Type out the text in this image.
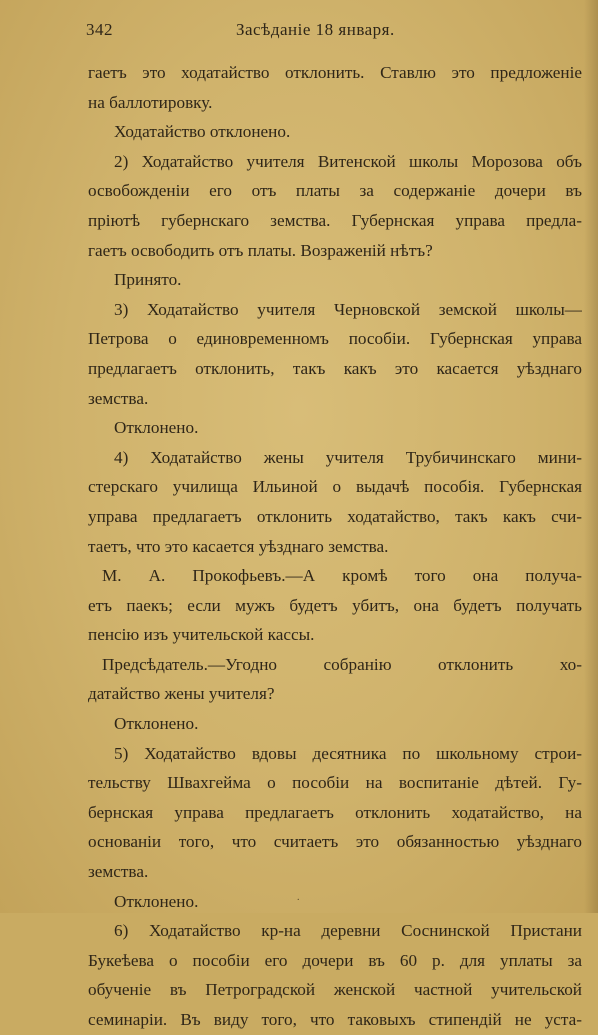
342	Засѣданіе 18 января.
гаетъ это ходатайство отклонить. Ставлю это предложеніе
на баллотировку.
Ходатайство отклонено.
2) Ходатайство учителя Витенской школы Морозова объ
освобожденіи его отъ платы за содержаніе дочери въ
пріютѣ губернскаго земства. Губернская управа предла-
гаетъ освободить отъ платы. Возраженій нѣтъ?
Принято.
3) Ходатайство учителя Черновской земской школы—
Петрова о единовременномъ пособіи. Губернская управа
предлагаетъ отклонить, такъ какъ это касается уѣзднаго
земства.
Отклонено.
4) Ходатайство жены учителя Трубичинскаго мини-
стерскаго училища Ильиной о выдачѣ пособія. Губернская
управа предлагаетъ отклонить ходатайство, такъ какъ счи-
таетъ, что это касается уѣзднаго земства.
М. А. Прокофьевъ.—А кромѣ того она получа-
етъ паекъ; если мужъ будетъ убитъ, она будетъ получать
пенсію изъ учительской кассы.
Предсѣдатель.—Угодно собранію отклонить хо-
датайство жены учителя?
Отклонено.
5) Ходатайство вдовы десятника по школьному строи-
тельству Швахгейма о пособіи на воспитаніе дѣтей. Гу-
бернская управа предлагаетъ отклонить ходатайство, на
основаніи того, что считаетъ это обязанностью уѣзднаго
земства.
Отклонено.
6) Ходатайство кр-на деревни Соснинской Пристани
Букеѣева о пособіи его дочери въ 60 р. для уплаты за
обученіе въ Петроградской женской частной учительской
семинаріи. Въ виду того, что таковыхъ стипендій не уста-
.
